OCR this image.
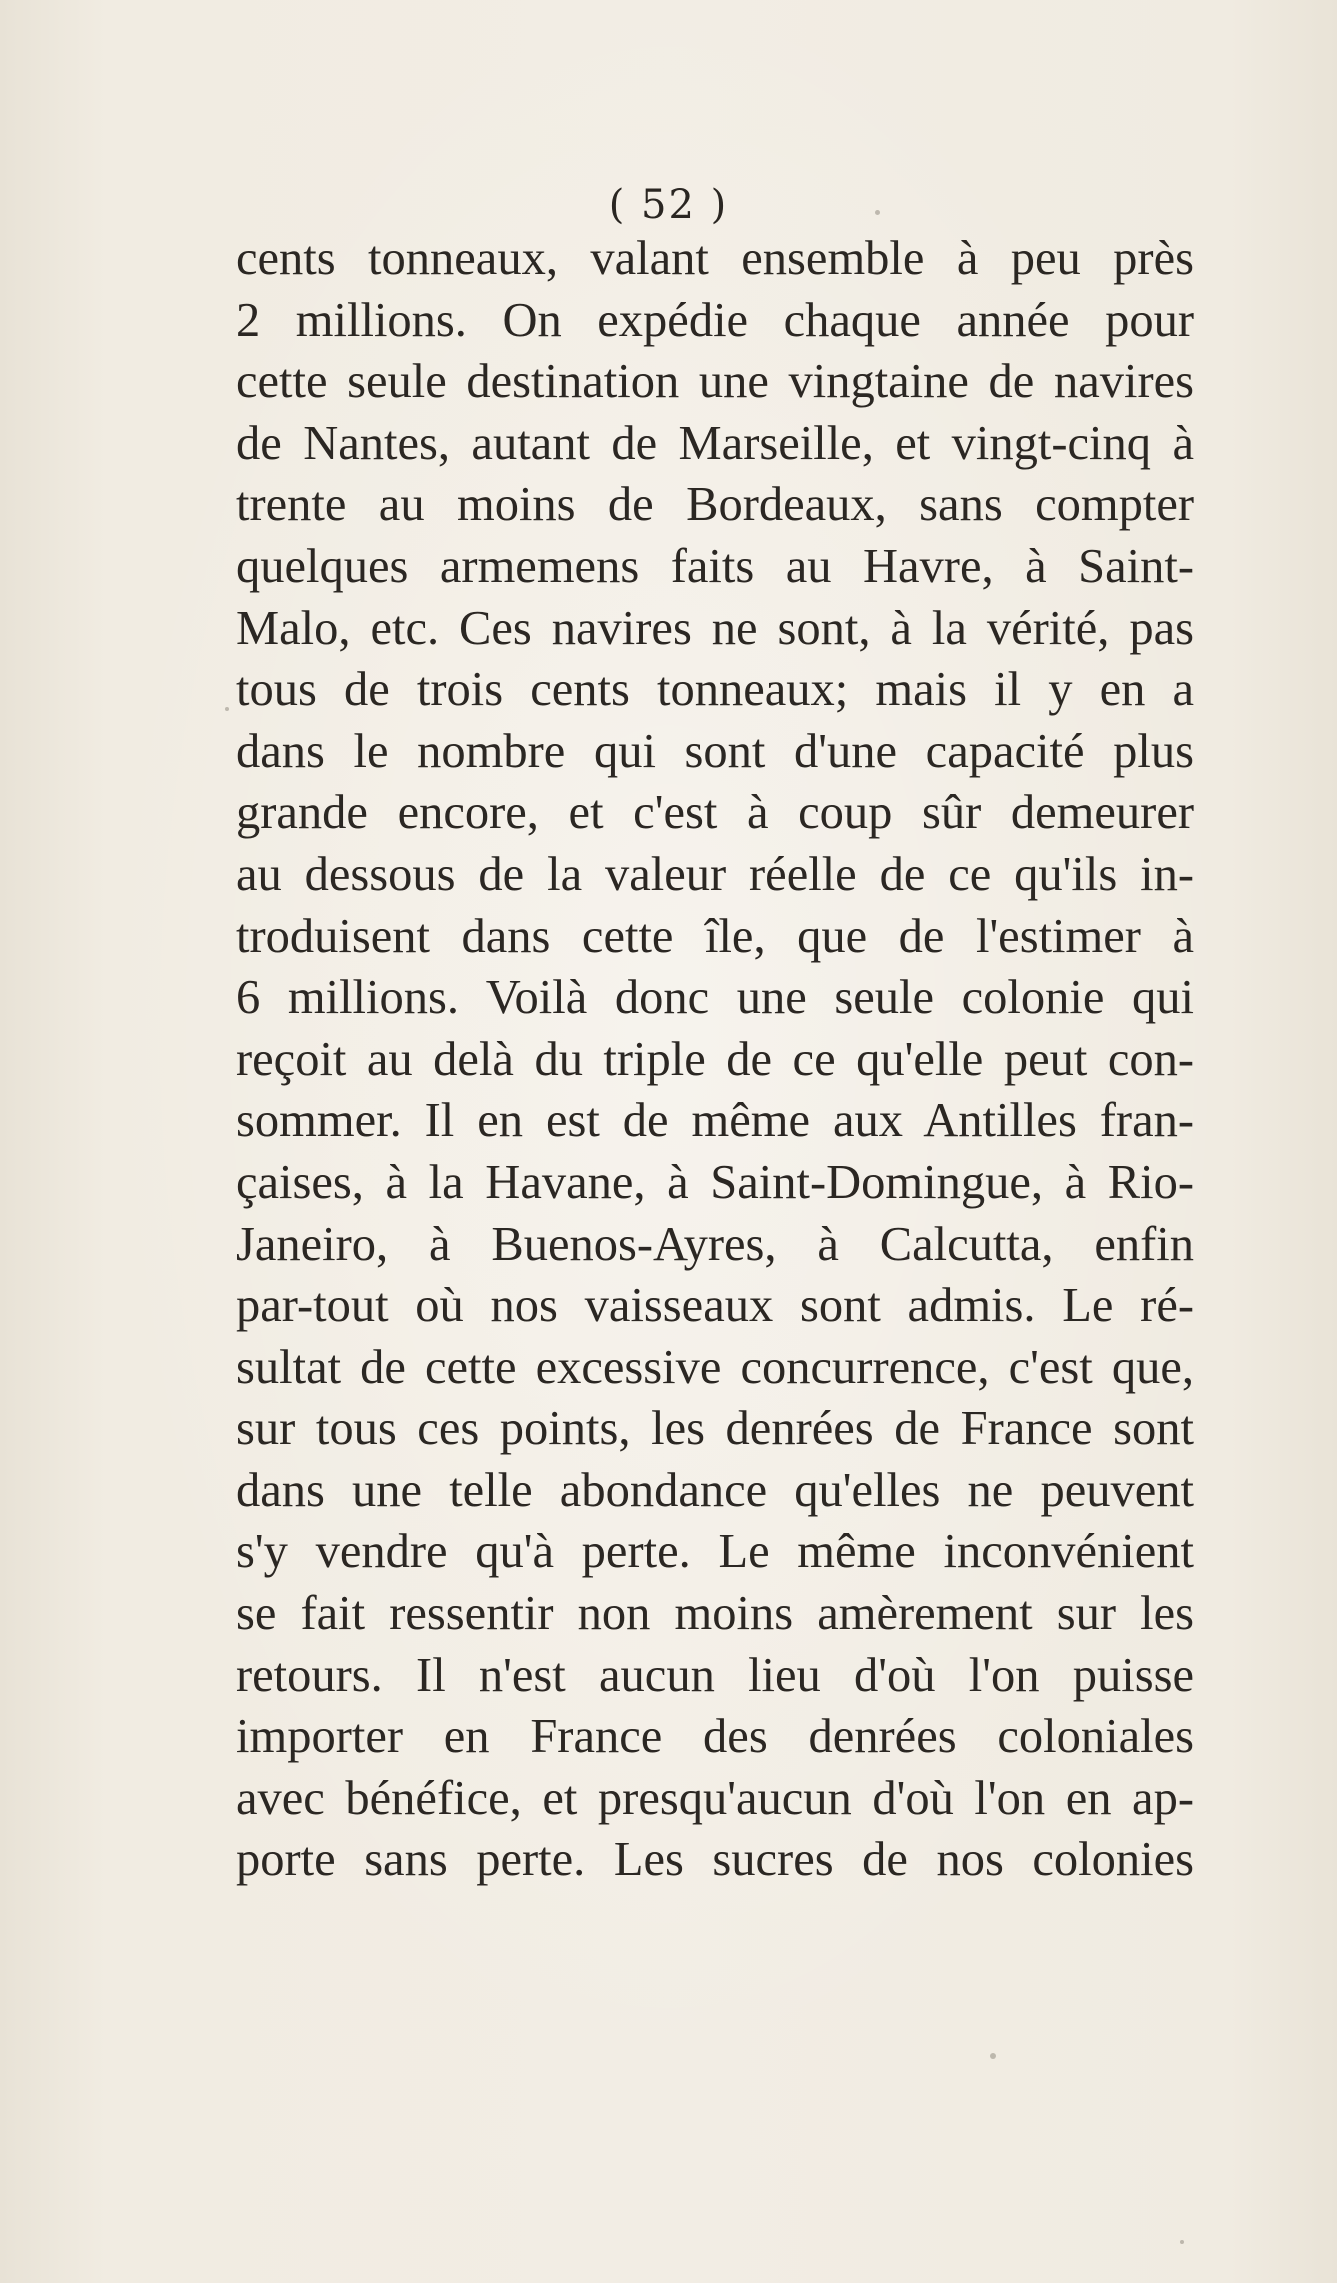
( 52 )
cents tonneaux, valant ensemble à peu près
2 millions. On expédie chaque année pour
cette seule destination une vingtaine de navires
de Nantes, autant de Marseille, et vingt-cinq à
trente au moins de Bordeaux, sans compter
quelques armemens faits au Havre, à Saint-
Malo, etc. Ces navires ne sont, à la vérité, pas
tous de trois cents tonneaux; mais il y en a
dans le nombre qui sont d'une capacité plus
grande encore, et c'est à coup sûr demeurer
au dessous de la valeur réelle de ce qu'ils in-
troduisent dans cette île, que de l'estimer à
6 millions. Voilà donc une seule colonie qui
reçoit au delà du triple de ce qu'elle peut con-
sommer. Il en est de même aux Antilles fran-
çaises, à la Havane, à Saint-Domingue, à Rio-
Janeiro, à Buenos-Ayres, à Calcutta, enfin
par-tout où nos vaisseaux sont admis. Le ré-
sultat de cette excessive concurrence, c'est que,
sur tous ces points, les denrées de France sont
dans une telle abondance qu'elles ne peuvent
s'y vendre qu'à perte. Le même inconvénient
se fait ressentir non moins amèrement sur les
retours. Il n'est aucun lieu d'où l'on puisse
importer en France des denrées coloniales
avec bénéfice, et presqu'aucun d'où l'on en ap-
porte sans perte. Les sucres de nos colonies
